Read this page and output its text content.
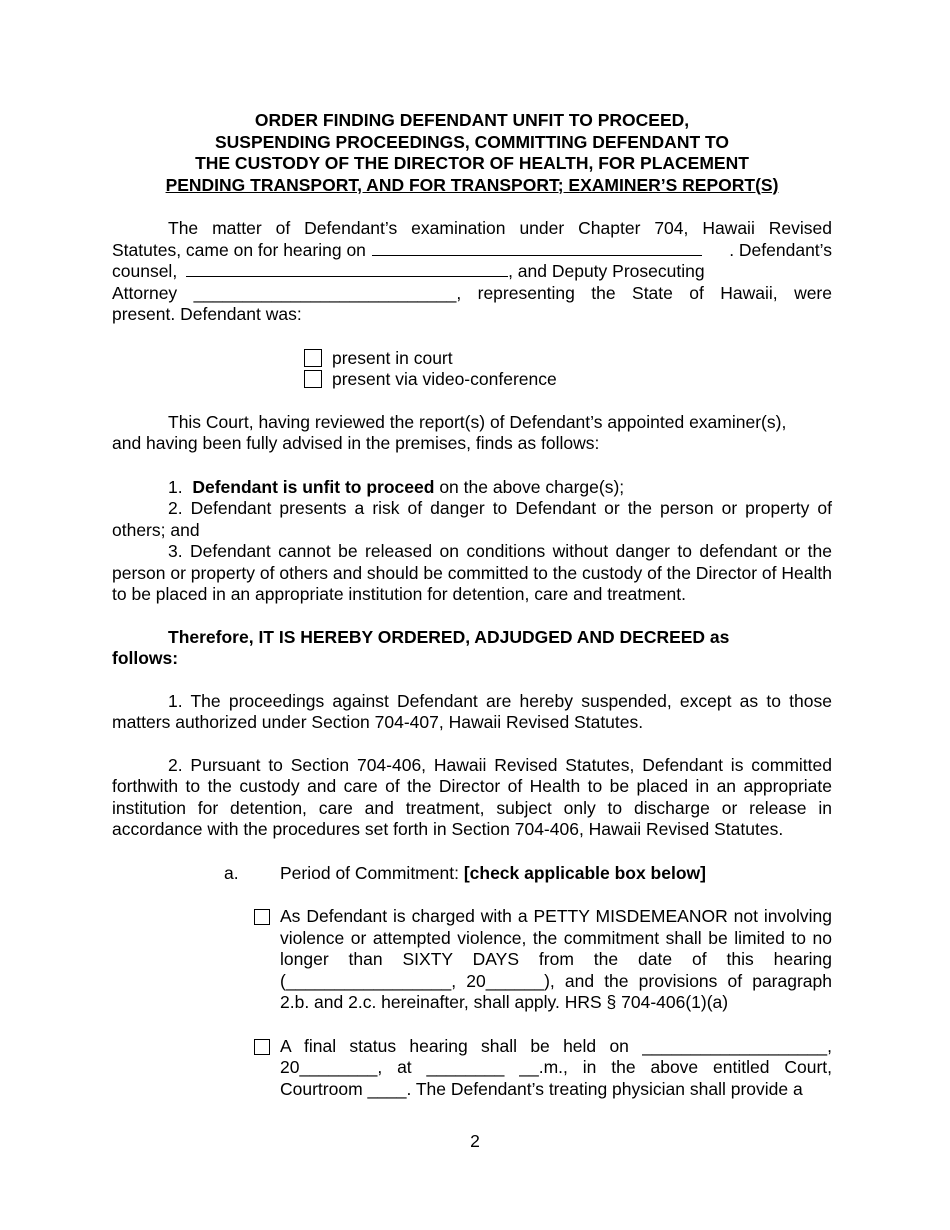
ORDER FINDING DEFENDANT UNFIT TO PROCEED,
SUSPENDING PROCEEDINGS, COMMITTING DEFENDANT TO
THE CUSTODY OF THE DIRECTOR OF HEALTH, FOR PLACEMENT
PENDING TRANSPORT, AND FOR TRANSPORT; EXAMINER’S REPORT(S)
The matter of Defendant’s examination under Chapter 704, Hawaii Revised
Statutes, came on for hearing on	. Defendant’s
counsel,	, and Deputy Prosecuting
Attorney ___________________________, representing the State of Hawaii, were
present. Defendant was:
present in court
present via video-conference
This Court, having reviewed the report(s) of Defendant’s appointed examiner(s),
and having been fully advised in the premises, finds as follows:
1. Defendant is unfit to proceed on the above charge(s);

2. Defendant presents a risk of danger to Defendant or the person or property of others; and

3. Defendant cannot be released on conditions without danger to defendant or the person or property of others and should be committed to the custody of the Director of Health to be placed in an appropriate institution for detention, care and treatment.

Therefore, IT IS HEREBY ORDERED, ADJUDGED AND DECREED as
follows:

1. The proceedings against Defendant are hereby suspended, except as to those matters authorized under Section 704-407, Hawaii Revised Statutes.

2. Pursuant to Section 704-406, Hawaii Revised Statutes, Defendant is committed forthwith to the custody and care of the Director of Health to be placed in an appropriate institution for detention, care and treatment, subject only to discharge or release in accordance with the procedures set forth in Section 704-406, Hawaii Revised Statutes.

a. Period of Commitment: [check applicable box below]
As Defendant is charged with a PETTY MISDEMEANOR not involving violence or attempted violence, the commitment shall be limited to no longer than SIXTY DAYS from the date of this hearing (_________________, 20______), and the provisions of paragraph 2.b. and 2.c. hereinafter, shall apply. HRS § 704-406(1)(a)
A final status hearing shall be held on ___________________, 20________, at ________ __.m., in the above entitled Court, Courtroom ____. The Defendant’s treating physician shall provide a
2
